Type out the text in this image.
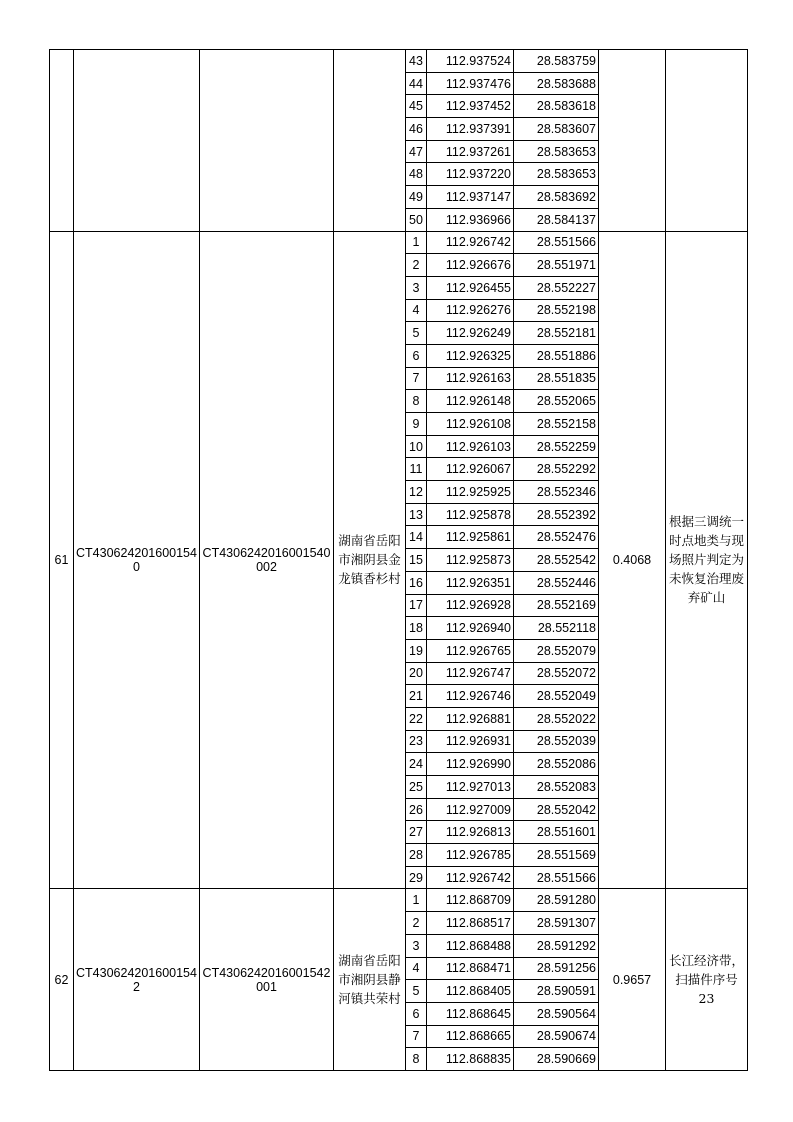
				43	112.937524	28.583759		
				44	112.937476	28.583688		
				45	112.937452	28.583618		
				46	112.937391	28.583607		
				47	112.937261	28.583653		
				48	112.937220	28.583653		
				49	112.937147	28.583692		
				50	112.936966	28.584137		
61	CT4306242016001540	CT4306242016001540002	湖南省岳阳市湘阴县金龙镇香杉村	1	112.926742	28.551566	0.4068	根据三调统一时点地类与现场照片判定为未恢复治理废弃矿山
				2	112.926676	28.551971		
				3	112.926455	28.552227		
				4	112.926276	28.552198		
				5	112.926249	28.552181		
				6	112.926325	28.551886		
				7	112.926163	28.551835		
				8	112.926148	28.552065		
				9	112.926108	28.552158		
				10	112.926103	28.552259		
				11	112.926067	28.552292		
				12	112.925925	28.552346		
				13	112.925878	28.552392		
				14	112.925861	28.552476		
				15	112.925873	28.552542		
				16	112.926351	28.552446		
				17	112.926928	28.552169		
				18	112.926940	28.552118		
				19	112.926765	28.552079		
				20	112.926747	28.552072		
				21	112.926746	28.552049		
				22	112.926881	28.552022		
				23	112.926931	28.552039		
				24	112.926990	28.552086		
				25	112.927013	28.552083		
				26	112.927009	28.552042		
				27	112.926813	28.551601		
				28	112.926785	28.551569		
				29	112.926742	28.551566		
62	CT4306242016001542	CT4306242016001542001	湖南省岳阳市湘阴县静河镇共荣村	1	112.868709	28.591280	0.9657	长江经济带，扫描件序号 23
				2	112.868517	28.591307		
				3	112.868488	28.591292		
				4	112.868471	28.591256		
				5	112.868405	28.590591		
				6	112.868645	28.590564		
				7	112.868665	28.590674		
				8	112.868835	28.590669		
